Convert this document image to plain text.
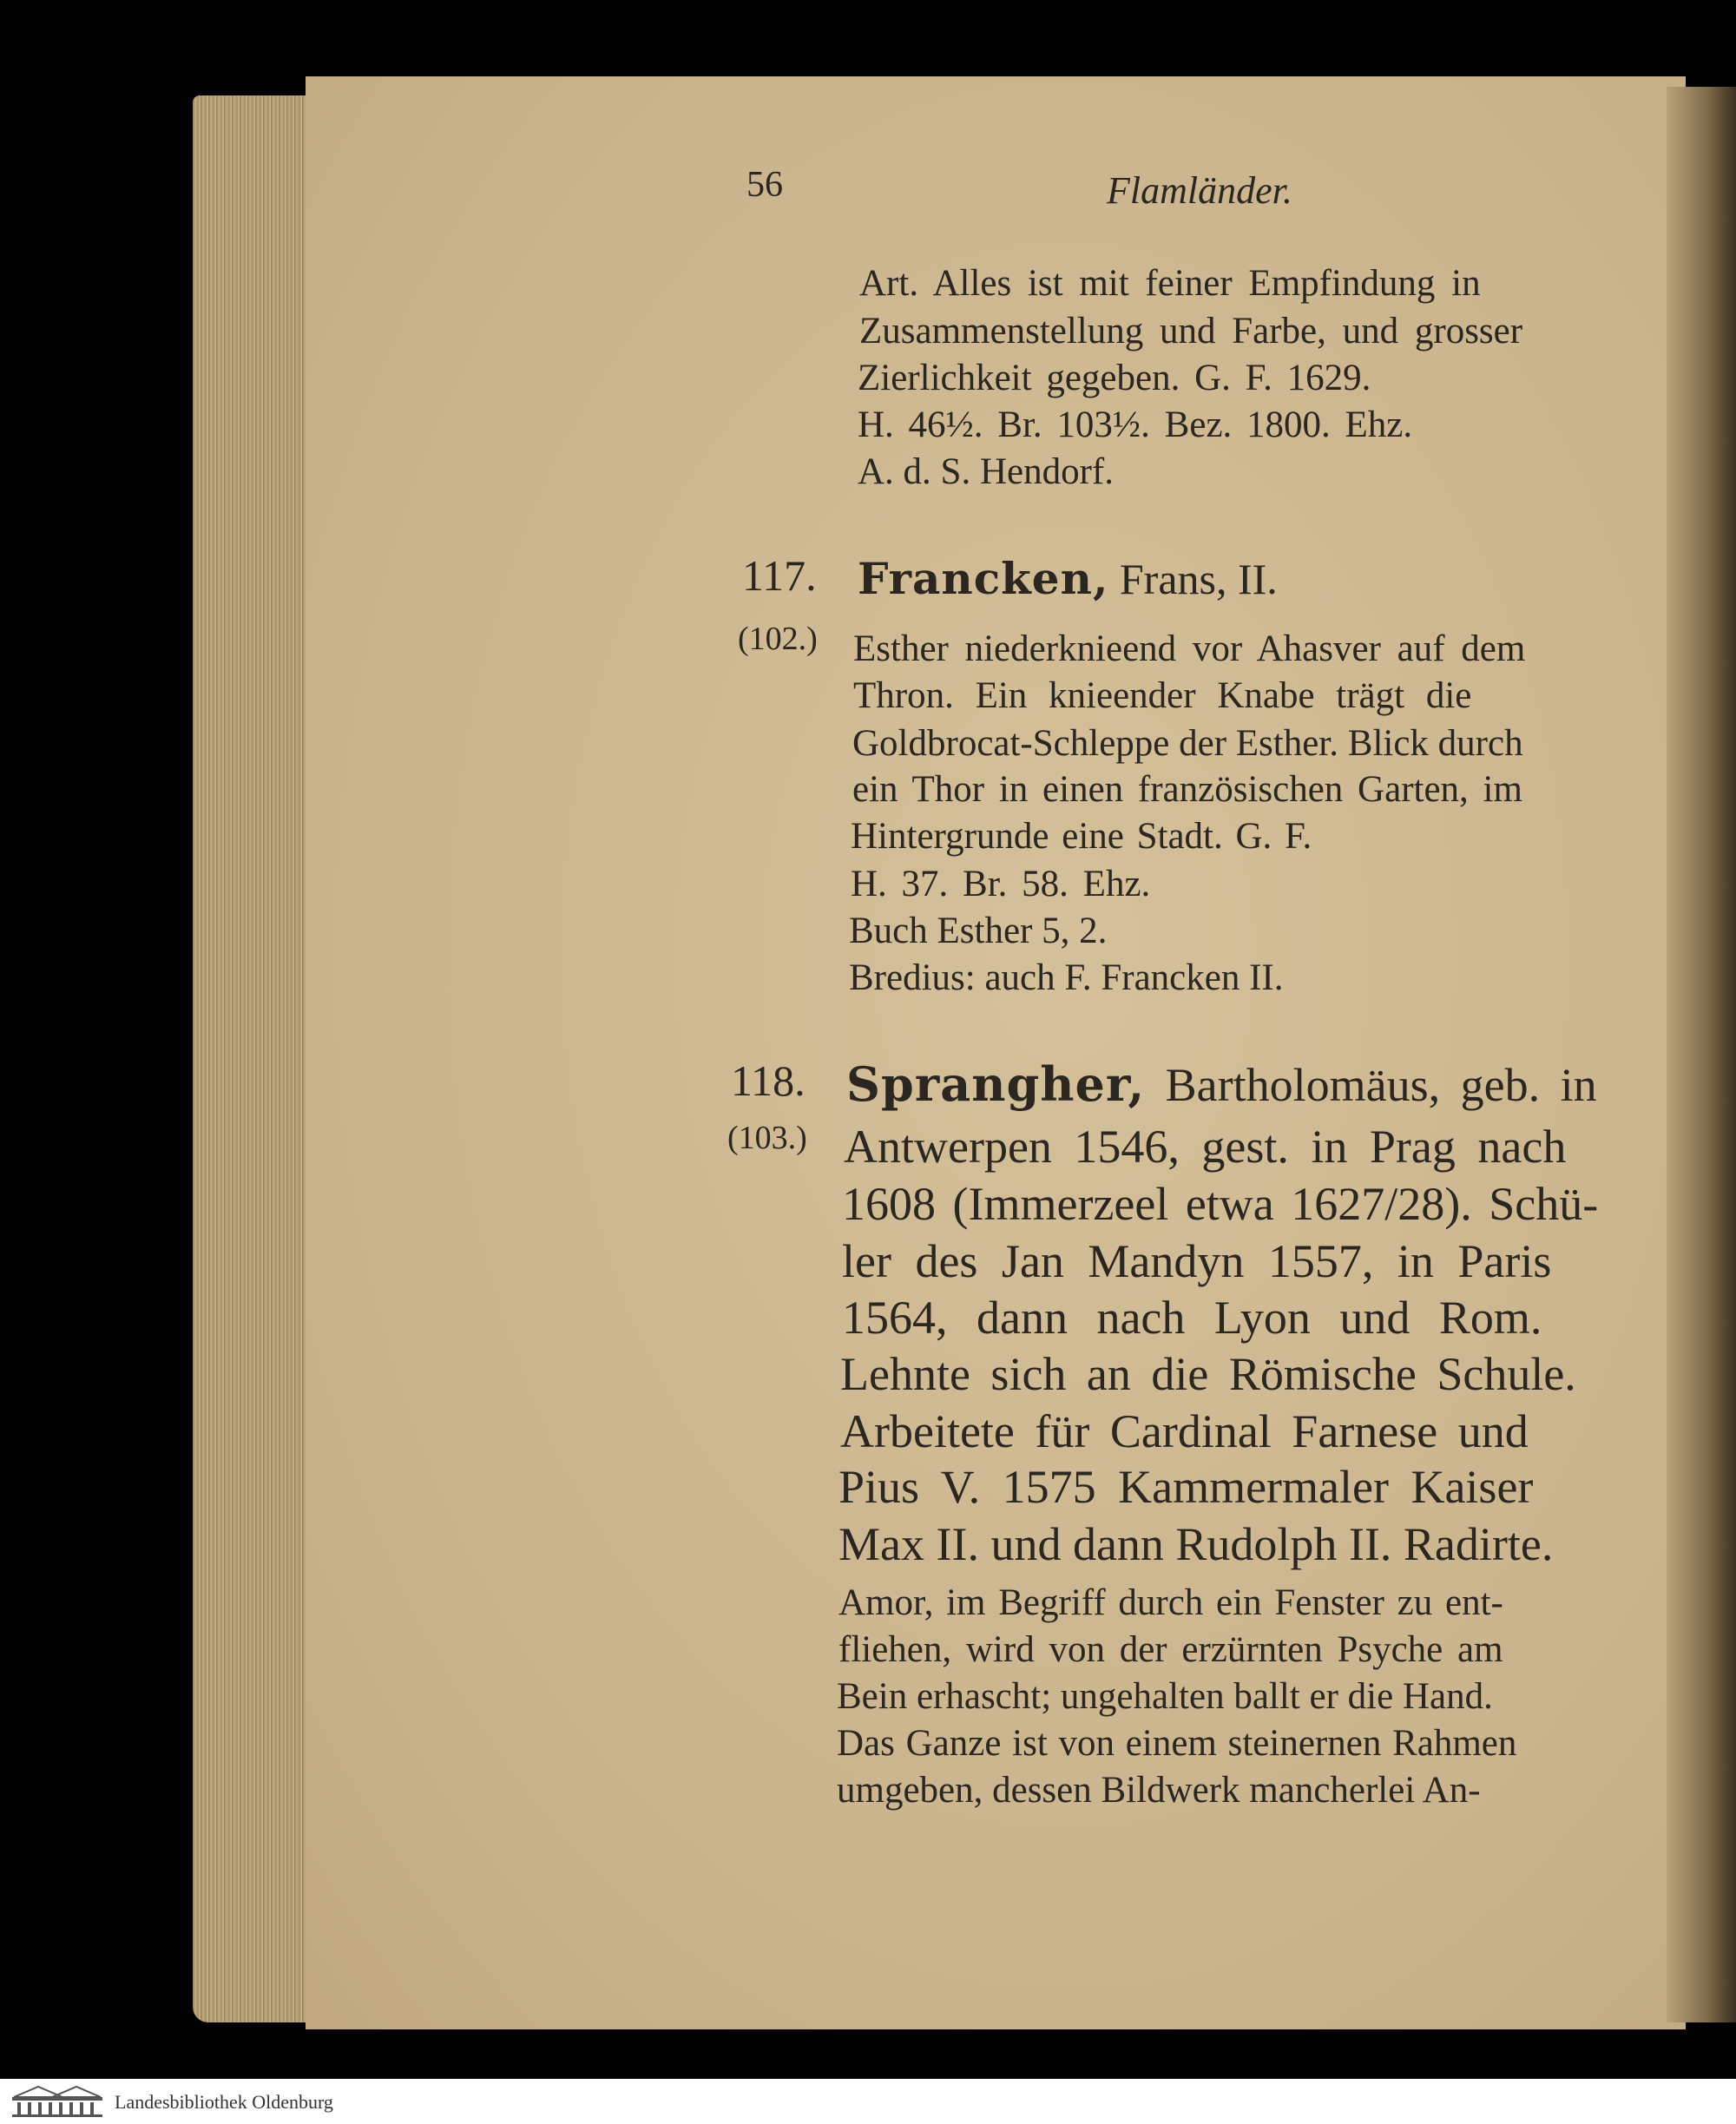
56	Flamländer.
Art. Alles ist mit feiner Empfindung in
Zusammenstellung und Farbe, und grosser
Zierlichkeit gegeben. G. F. 1629.
H. 46½. Br. 103½. Bez. 1800. Ehz.
A. d. S. Hendorf.
117. Francken, Frans, II.
(102.) Esther niederknieend vor Ahasver auf dem
Thron. Ein knieender Knabe trägt die
Goldbrocat-Schleppe der Esther. Blick durch
ein Thor in einen französischen Garten, im
Hintergrunde eine Stadt. G. F.
H. 37. Br. 58. Ehz.
Buch Esther 5, 2.
Bredius: auch F. Francken II.
118. Sprangher, Bartholomäus, geb. in
(103.) Antwerpen 1546, gest. in Prag nach
1608 (Immerzeel etwa 1627/28). Schü-
ler des Jan Mandyn 1557, in Paris
1564, dann nach Lyon und Rom.
Lehnte sich an die Römische Schule.
Arbeitete für Cardinal Farnese und
Pius V. 1575 Kammermaler Kaiser
Max II. und dann Rudolph II. Radirte.
Amor, im Begriff durch ein Fenster zu ent-
fliehen, wird von der erzürnten Psyche am
Bein erhascht; ungehalten ballt er die Hand.
Das Ganze ist von einem steinernen Rahmen
umgeben, dessen Bildwerk mancherlei An-
Landesbibliothek Oldenburg
